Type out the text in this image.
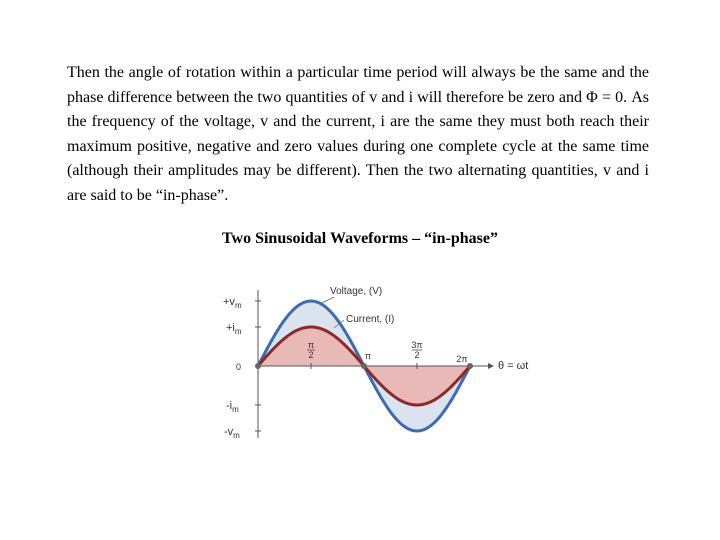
Then the angle of rotation within a particular time period will always be the same and the phase difference between the two quantities of v and i will therefore be zero and Φ = 0. As the frequency of the voltage, v and the current, i are the same they must both reach their maximum positive, negative and zero values during one complete cycle at the same time (although their amplitudes may be different). Then the two alternating quantities, v and i are said to be “in-phase”.

Two Sinusoidal Waveforms – “in-phase”

$+v_m$
$+i_m$
0
$-i_m$
$-v_m$
π
2	π
3π
2	2π
θ = ωt
Voltage, (V)
Current, (I)
